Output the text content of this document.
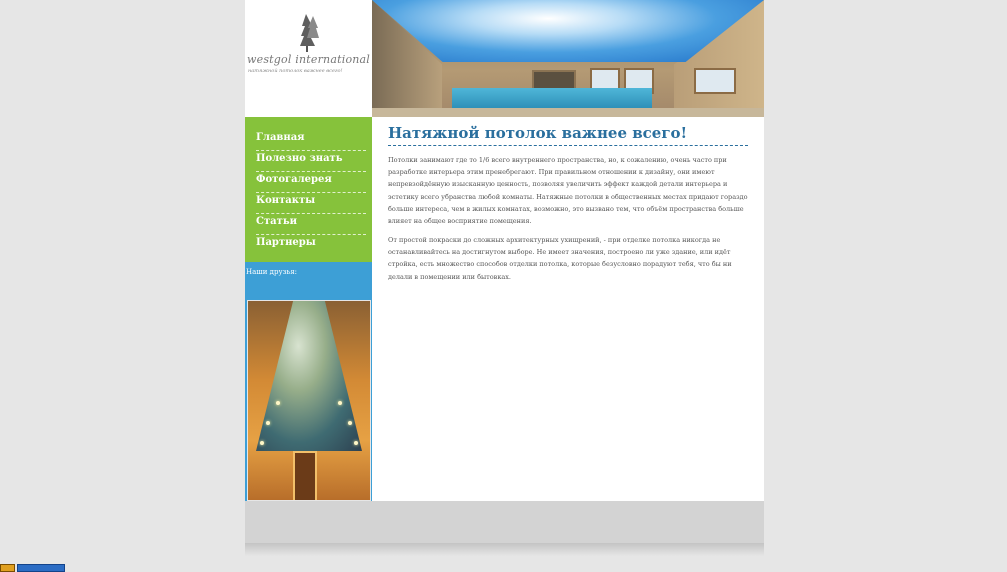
westgol international
натяжной потолок важнее всего!
Главная
Полезно знать
Фотогалерея
Контакты
Статьи
Партнеры
Наши друзья:
Натяжной потолок важнее всего!

Потолки занимают где то 1/6 всего внутреннего пространства, но, к сожалению, очень часто при разработке интерьера этим пренебрегают. При правильном отношении к дизайну, они имеют непревзойдённую изысканную ценность, позволяя увеличить эффект каждой детали интерьера и эстетику всего убранства любой комнаты. Натяжные потолки в общественных местах придают гораздо больше интереса, чем в жилых комнатах, возможно, это вызвано тем, что объём пространства больше влияет на общее восприятие помещения.

От простой покраски до сложных архитектурных ухищрений, - при отделке потолка никогда не останавливайтесь на достигнутом выборе. Не имеет значения, построено ли уже здание, или идёт стройка, есть множество способов отделки потолка, которые безусловно порадуют тебя, что бы ни делали в помещении или бытовках.
